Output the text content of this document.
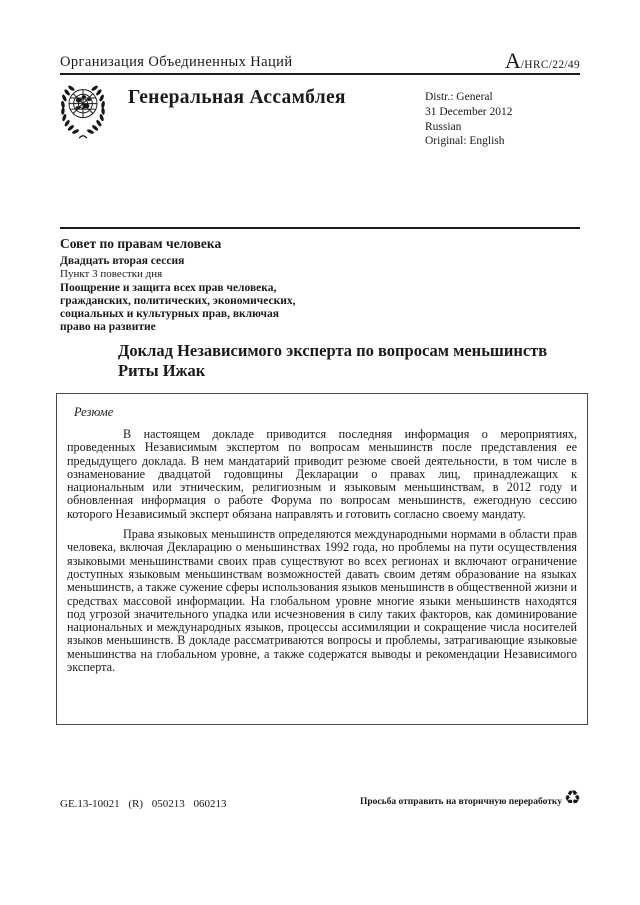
Организация Объединенных Наций	A/HRC/22/49
Генеральная Ассамблея	Distr.: General
31 December 2012
Russian
Original: English
Совет по правам человека
Двадцать вторая сессия
Пункт 3 повестки дня
Поощрение и защита всех прав человека, гражданских, политических, экономических, социальных и культурных прав, включая право на развитие
Доклад Независимого эксперта по вопросам меньшинств Риты Ижак
Резюме

В настоящем докладе приводится последняя информация о мероприятиях, проведенных Независимым экспертом по вопросам меньшинств после представления ее предыдущего доклада. В нем мандатарий приводит резюме своей деятельности, в том числе в ознаменование двадцатой годовщины Декларации о правах лиц, принадлежащих к национальным или этническим, религиозным и языковым меньшинствам, в 2012 году и обновленная информация о работе Форума по вопросам меньшинств, ежегодную сессию которого Независимый эксперт обязана направлять и готовить согласно своему мандату.

Права языковых меньшинств определяются международными нормами в области прав человека, включая Декларацию о меньшинствах 1992 года, но проблемы на пути осуществления языковыми меньшинствами своих прав существуют во всех регионах и включают ограничение доступных языковым меньшинствам возможностей давать своим детям образование на языках меньшинств, а также сужение сферы использования языков меньшинств в общественной жизни и средствах массовой информации. На глобальном уровне многие языки меньшинств находятся под угрозой значительного упадка или исчезновения в силу таких факторов, как доминирование национальных и международных языков, процессы ассимиляции и сокращение числа носителей языков меньшинств. В докладе рассматриваются вопросы и проблемы, затрагивающие языковые меньшинства на глобальном уровне, а также содержатся выводы и рекомендации Независимого эксперта.

GE.13-10021 (R) 050213 060213	Просьба отправить на вторичную переработку ♻
